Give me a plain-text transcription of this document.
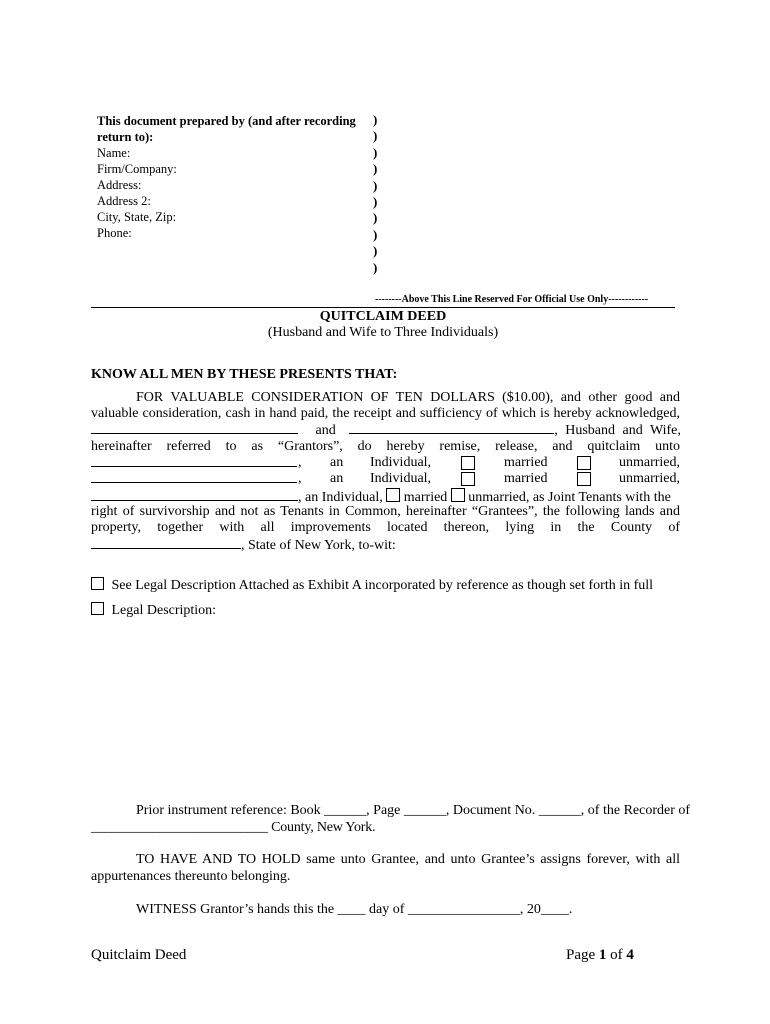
This document prepared by (and after recording
return to):
Name:
Firm/Company:
Address:
Address 2:
City, State, Zip:
Phone:
)
)
)
)
)
)
)
)
)
)
--------Above This Line Reserved For Official Use Only------------
QUITCLAIM DEED
(Husband and Wife to Three Individuals)
KNOW ALL MEN BY THESE PRESENTS THAT:
FOR VALUABLE CONSIDERATION OF TEN DOLLARS ($10.00), and other good and
valuable consideration, cash in hand paid, the receipt and sufficiency of which is hereby acknowledged,
and	, Husband and Wife,
hereinafter referred to as “Grantors”, do hereby remise, release, and quitclaim unto
, an Individual,	married	unmarried,
, an Individual,	married	unmarried,
, an Individual, married unmarried, as Joint Tenants with the
right of survivorship and not as Tenants in Common, hereinafter “Grantees”, the following lands and
property, together with all improvements located thereon, lying in the County of
, State of New York, to-wit:
See Legal Description Attached as Exhibit A incorporated by reference as though set forth in full
Legal Description:
Prior instrument reference: Book ______, Page ______, Document No. ______, of the Recorder of
__________________________ County, New York.
TO HAVE AND TO HOLD same unto Grantee, and unto Grantee’s assigns forever, with all
appurtenances thereunto belonging.
WITNESS Grantor’s hands this the ____ day of ________________, 20____.
Quitclaim Deed	Page 1 of 4
